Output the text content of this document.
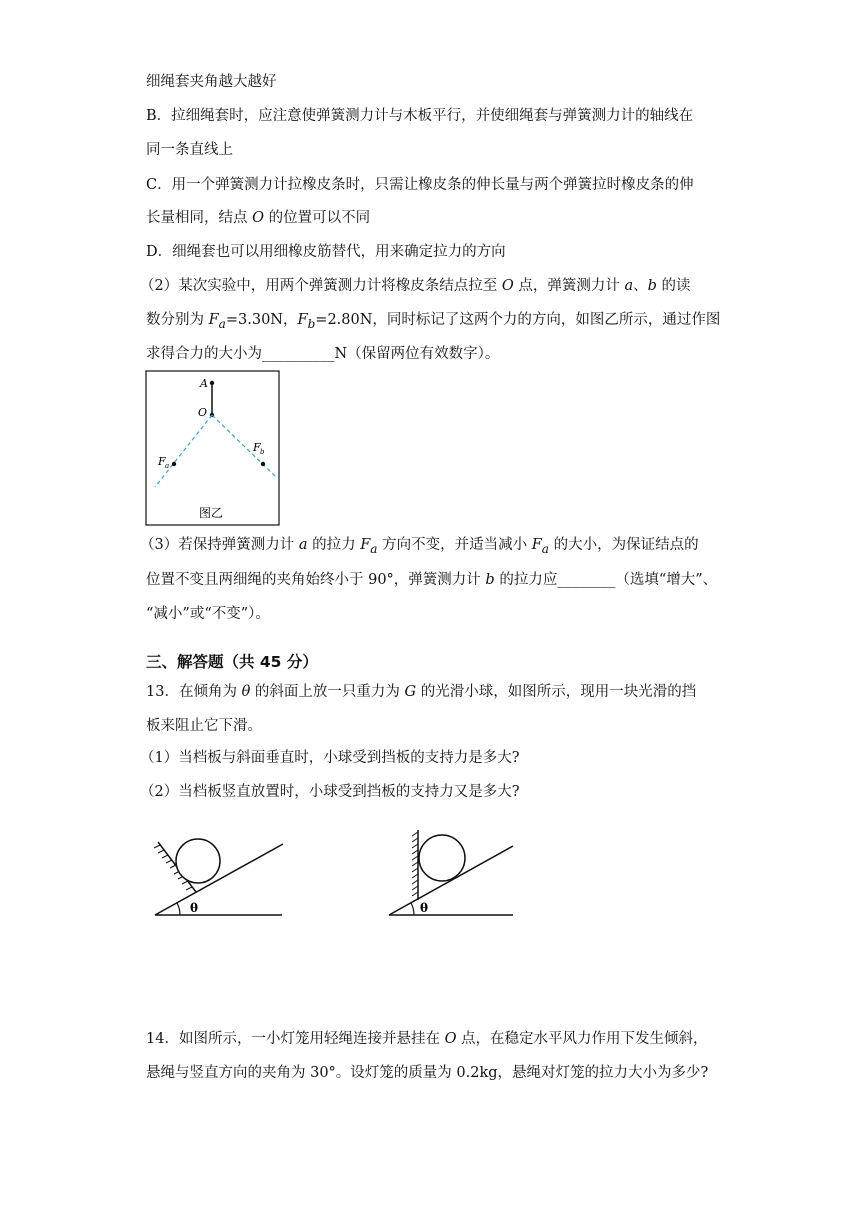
细绳套夹角越大越好
B．拉细绳套时，应注意使弹簧测力计与木板平行，并使细绳套与弹簧测力计的轴线在
同一条直线上
C．用一个弹簧测力计拉橡皮条时，只需让橡皮条的伸长量与两个弹簧拉时橡皮条的伸
长量相同，结点 O 的位置可以不同
D．细绳套也可以用细橡皮筋替代，用来确定拉力的方向
（2）某次实验中，用两个弹簧测力计将橡皮条结点拉至 O 点，弹簧测力计 a、b 的读
数分别为 $F_a=3.30N$，$F_b=2.80N$，同时标记了这两个力的方向，如图乙所示，通过作图
求得合力的大小为__________N（保留两位有效数字）。
A
O
F a
F b
图乙
（3）若保持弹簧测力计 a 的拉力 $F_a$ 方向不变，并适当减小 $F_a$ 的大小，为保证结点的
位置不变且两细绳的夹角始终小于 90°，弹簧测力计 b 的拉力应________（选填“增大”、
“减小”或“不变”）。
三、解答题（共 45 分）
13．在倾角为 θ 的斜面上放一只重力为 G 的光滑小球，如图所示，现用一块光滑的挡
板来阻止它下滑。
（1）当档板与斜面垂直时，小球受到挡板的支持力是多大?
（2）当档板竖直放置时，小球受到挡板的支持力又是多大?
θ	θ
14．如图所示，一小灯笼用轻绳连接并悬挂在 O 点，在稳定水平风力作用下发生倾斜，
悬绳与竖直方向的夹角为 30°。设灯笼的质量为 0.2kg，悬绳对灯笼的拉力大小为多少?
